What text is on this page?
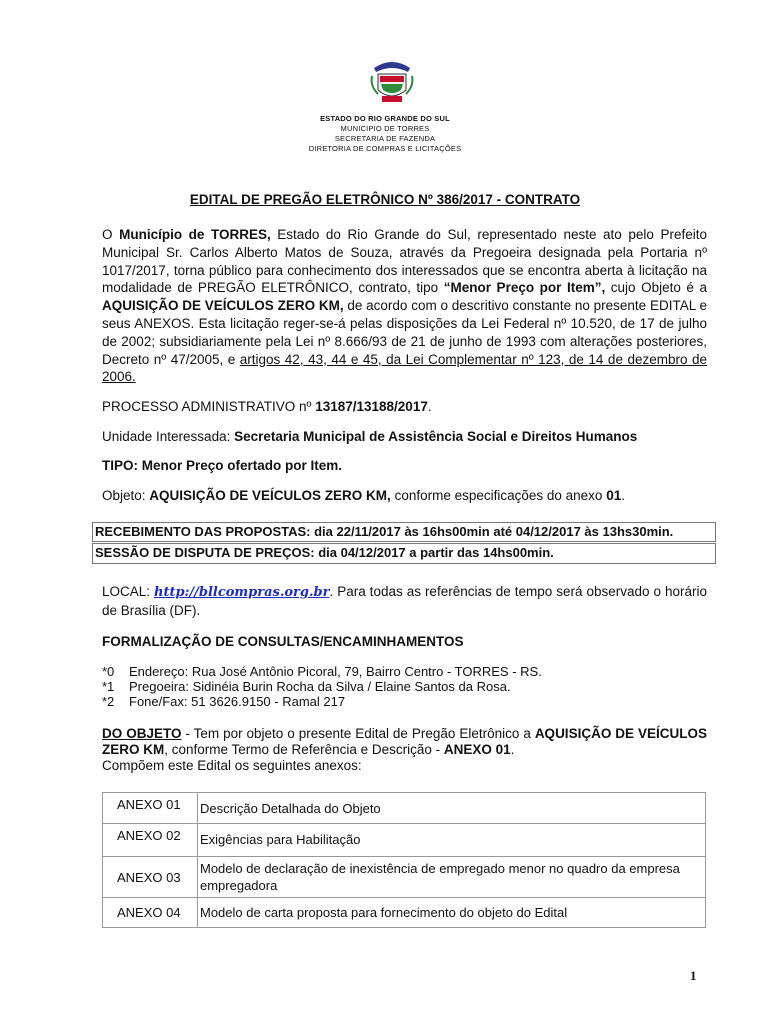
ESTADO DO RIO GRANDE DO SUL
MUNICIPIO DE TORRES
SECRETARIA DE FAZENDA
DIRETORIA DE COMPRAS E LICITAÇÕES
EDITAL DE PREGÃO ELETRÔNICO Nº 386/2017 - CONTRATO
O Município de TORRES, Estado do Rio Grande do Sul, representado neste ato pelo Prefeito Municipal Sr. Carlos Alberto Matos de Souza, através da Pregoeira designada pela Portaria nº 1017/2017, torna público para conhecimento dos interessados que se encontra aberta à licitação na modalidade de PREGÃO ELETRÔNICO, contrato, tipo “Menor Preço por Item”, cujo Objeto é a AQUISIÇÃO DE VEÍCULOS ZERO KM, de acordo com o descritivo constante no presente EDITAL e seus ANEXOS. Esta licitação reger-se-á pelas disposições da Lei Federal nº 10.520, de 17 de julho de 2002; subsidiariamente pela Lei nº 8.666/93 de 21 de junho de 1993 com alterações posteriores, Decreto nº 47/2005, e artigos 42, 43, 44 e 45, da Lei Complementar nº 123, de 14 de dezembro de 2006.
PROCESSO ADMINISTRATIVO nº 13187/13188/2017.
Unidade Interessada: Secretaria Municipal de Assistência Social e Direitos Humanos
TIPO: Menor Preço ofertado por Item.
Objeto: AQUISIÇÃO DE VEÍCULOS ZERO KM, conforme especificações do anexo 01.
RECEBIMENTO DAS PROPOSTAS: dia 22/11/2017 às 16hs00min até 04/12/2017 às 13hs30min.
SESSÃO DE DISPUTA DE PREÇOS: dia 04/12/2017 a partir das 14hs00min.
LOCAL: http://bllcompras.org.br. Para todas as referências de tempo será observado o horário de Brasília (DF).
FORMALIZAÇÃO DE CONSULTAS/ENCAMINHAMENTOS
*0 Endereço: Rua José Antônio Picoral, 79, Bairro Centro - TORRES - RS.
*1 Pregoeira: Sidinéia Burin Rocha da Silva / Elaine Santos da Rosa.
*2 Fone/Fax: 51 3626.9150 - Ramal 217
DO OBJETO - Tem por objeto o presente Edital de Pregão Eletrônico a AQUISIÇÃO DE VEÍCULOS ZERO KM, conforme Termo de Referência e Descrição - ANEXO 01.
Compõem este Edital os seguintes anexos:
ANEXO 01	Descrição Detalhada do Objeto
ANEXO 02	Exigências para Habilitação
ANEXO 03	Modelo de declaração de inexistência de empregado menor no quadro da empresa empregadora
ANEXO 04	Modelo de carta proposta para fornecimento do objeto do Edital
1
